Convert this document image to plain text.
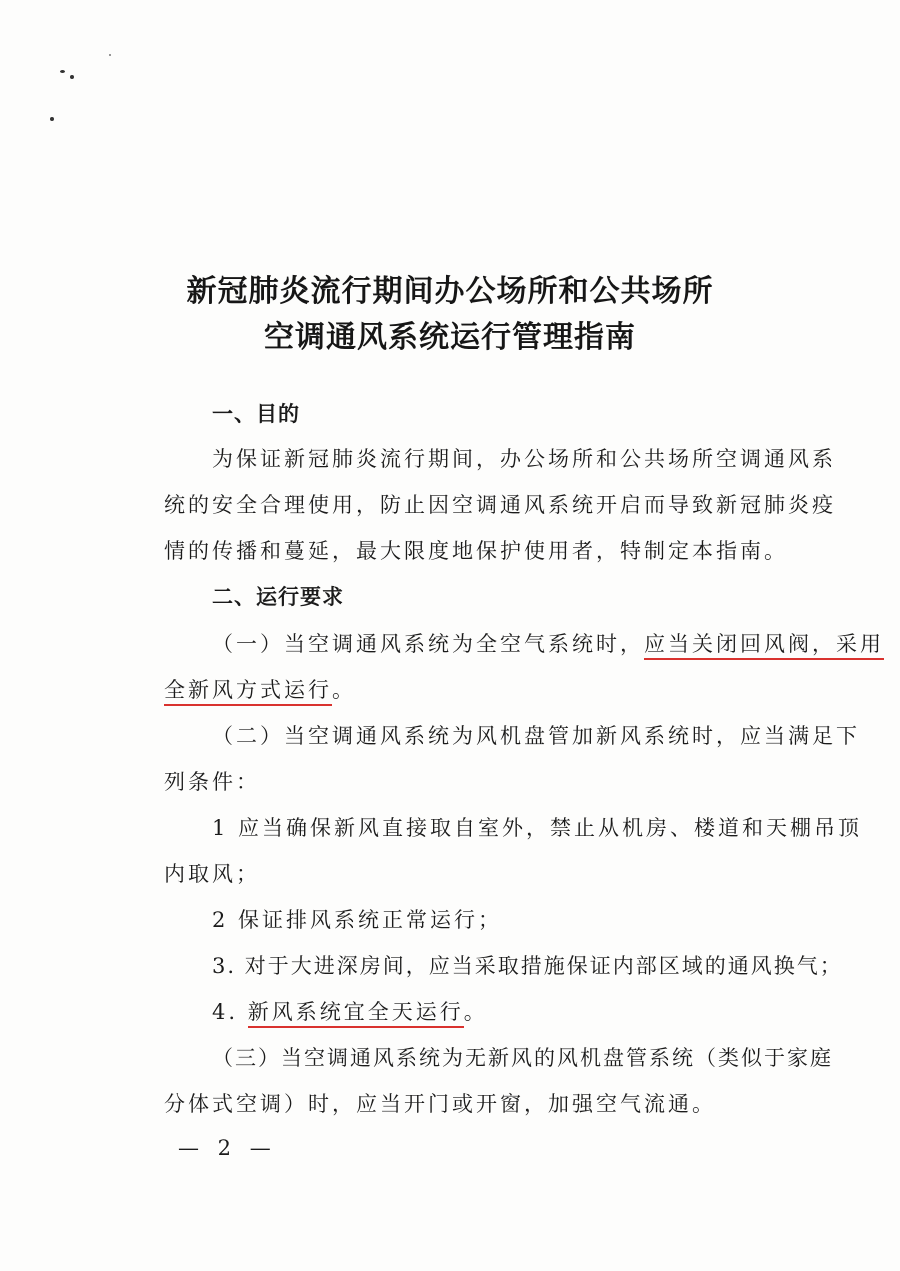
新冠肺炎流行期间办公场所和公共场所
空调通风系统运行管理指南
一、目的
为保证新冠肺炎流行期间，办公场所和公共场所空调通风系
统的安全合理使用，防止因空调通风系统开启而导致新冠肺炎疫
情的传播和蔓延，最大限度地保护使用者，特制定本指南。
二、运行要求
（一）当空调通风系统为全空气系统时，应当关闭回风阀，采用
全新风方式运行。
（二）当空调通风系统为风机盘管加新风系统时，应当满足下
列条件：
1 应当确保新风直接取自室外，禁止从机房、楼道和天棚吊顶
内取风；
2 保证排风系统正常运行；
3. 对于大进深房间，应当采取措施保证内部区域的通风换气；
4. 新风系统宜全天运行。
（三）当空调通风系统为无新风的风机盘管系统（类似于家庭
分体式空调）时，应当开门或开窗，加强空气流通。
— 2 —
